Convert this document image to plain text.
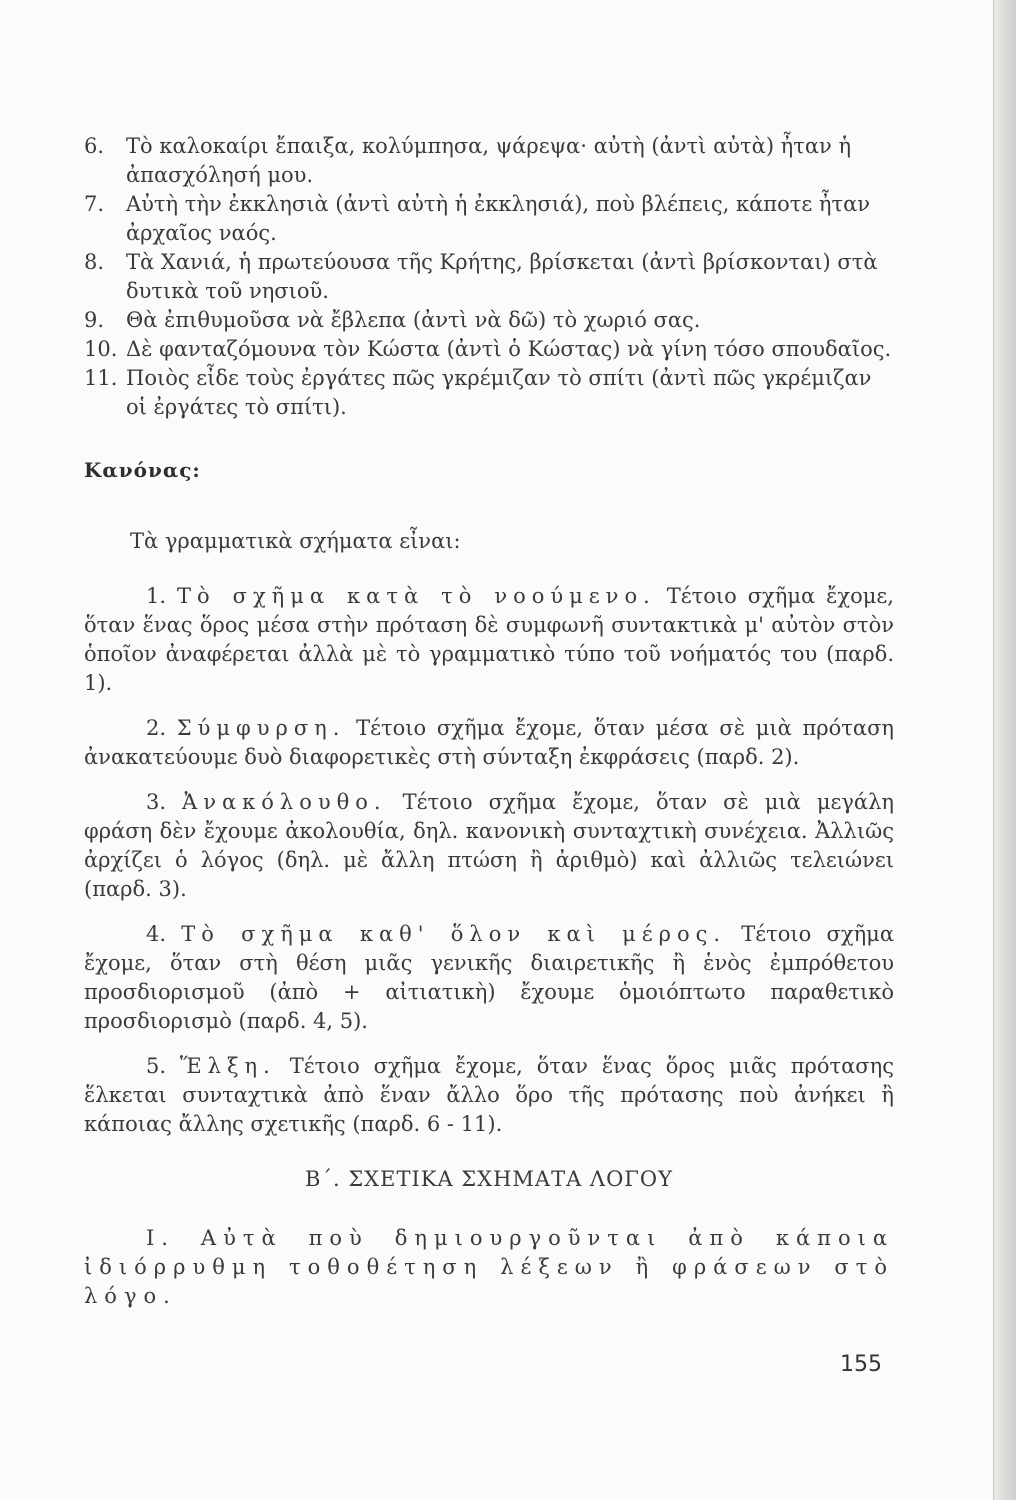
6.	Τὸ καλοκαίρι ἔπαιξα, κολύμπησα, ψάρεψα· αὐτὴ (ἀντὶ αὐτὰ) ἦταν ἡ ἀπασχόλησή μου.
7.	Αὐτὴ τὴν ἐκκλησιὰ (ἀντὶ αὐτὴ ἡ ἐκκλησιά), ποὺ βλέπεις, κάποτε ἦταν ἀρχαῖος ναός.
8.	Τὰ Χανιά, ἡ πρωτεύουσα τῆς Κρήτης, βρίσκεται (ἀντὶ βρίσκονται) στὰ δυτικὰ τοῦ νησιοῦ.
9.	Θὰ ἐπιθυμοῦσα νὰ ἔβλεπα (ἀντὶ νὰ δῶ) τὸ χωριό σας.
10. Δὲ φανταζόμουνα τὸν Κώστα (ἀντὶ ὁ Κώστας) νὰ γίνη τόσο σπουδαῖος.
11. Ποιὸς εἶδε τοὺς ἐργάτες πῶς γκρέμιζαν τὸ σπίτι (ἀντὶ πῶς γκρέμιζαν οἱ ἐργάτες τὸ σπίτι).
Κανόνας:
Τὰ γραμματικὰ σχήματα εἶναι:
1. Τὸ σχῆμα κατὰ τὸ νοούμενο. Τέτοιο σχῆμα ἔχομε, ὅταν ἕνας ὅρος μέσα στὴν πρόταση δὲ συμφωνῆ συντακτικὰ μ' αὐτὸν στὸν ὁποῖον ἀναφέρεται ἀλλὰ μὲ τὸ γραμματικὸ τύπο τοῦ νοήματός του (παρδ. 1).
2. Σύμφυρση. Τέτοιο σχῆμα ἔχομε, ὅταν μέσα σὲ μιὰ πρόταση ἀνακατεύουμε δυὸ διαφορετικὲς στὴ σύνταξη ἐκφράσεις (παρδ. 2).
3. Ἀνακόλουθο. Τέτοιο σχῆμα ἔχομε, ὅταν σὲ μιὰ μεγάλη φράση δὲν ἔχουμε ἀκολουθία, δηλ. κανονικὴ συνταχτικὴ συνέχεια. Ἀλλιῶς ἀρχίζει ὁ λόγος (δηλ. μὲ ἄλλη πτώση ἢ ἀριθμὸ) καὶ ἀλλιῶς τελειώνει (παρδ. 3).
4. Τὸ σχῆμα καθ' ὅλον καὶ μέρος. Τέτοιο σχῆμα ἔχομε, ὅταν στὴ θέση μιᾶς γενικῆς διαιρετικῆς ἢ ἑνὸς ἐμπρόθετου προσδιορισμοῦ (ἀπὸ + αἰτιατικὴ) ἔχουμε ὁμοιόπτωτο παραθετικὸ προσδιορισμὸ (παρδ. 4, 5).
5. Ἕλξη. Τέτοιο σχῆμα ἔχομε, ὅταν ἕνας ὅρος μιᾶς πρότασης ἕλκεται συνταχτικὰ ἀπὸ ἕναν ἄλλο ὅρο τῆς πρότασης ποὺ ἀνήκει ἢ κάποιας ἄλλης σχετικῆς (παρδ. 6 - 11).
Β΄. ΣΧΕΤΙΚΑ ΣΧΗΜΑΤΑ ΛΟΓΟΥ
I. Αὐτὰ ποὺ δημιουργοῦνται ἀπὸ κάποια ἰδιόρρυθμη τοθοθέτηση λέξεων ἢ φράσεων στὸ λόγο.
155
